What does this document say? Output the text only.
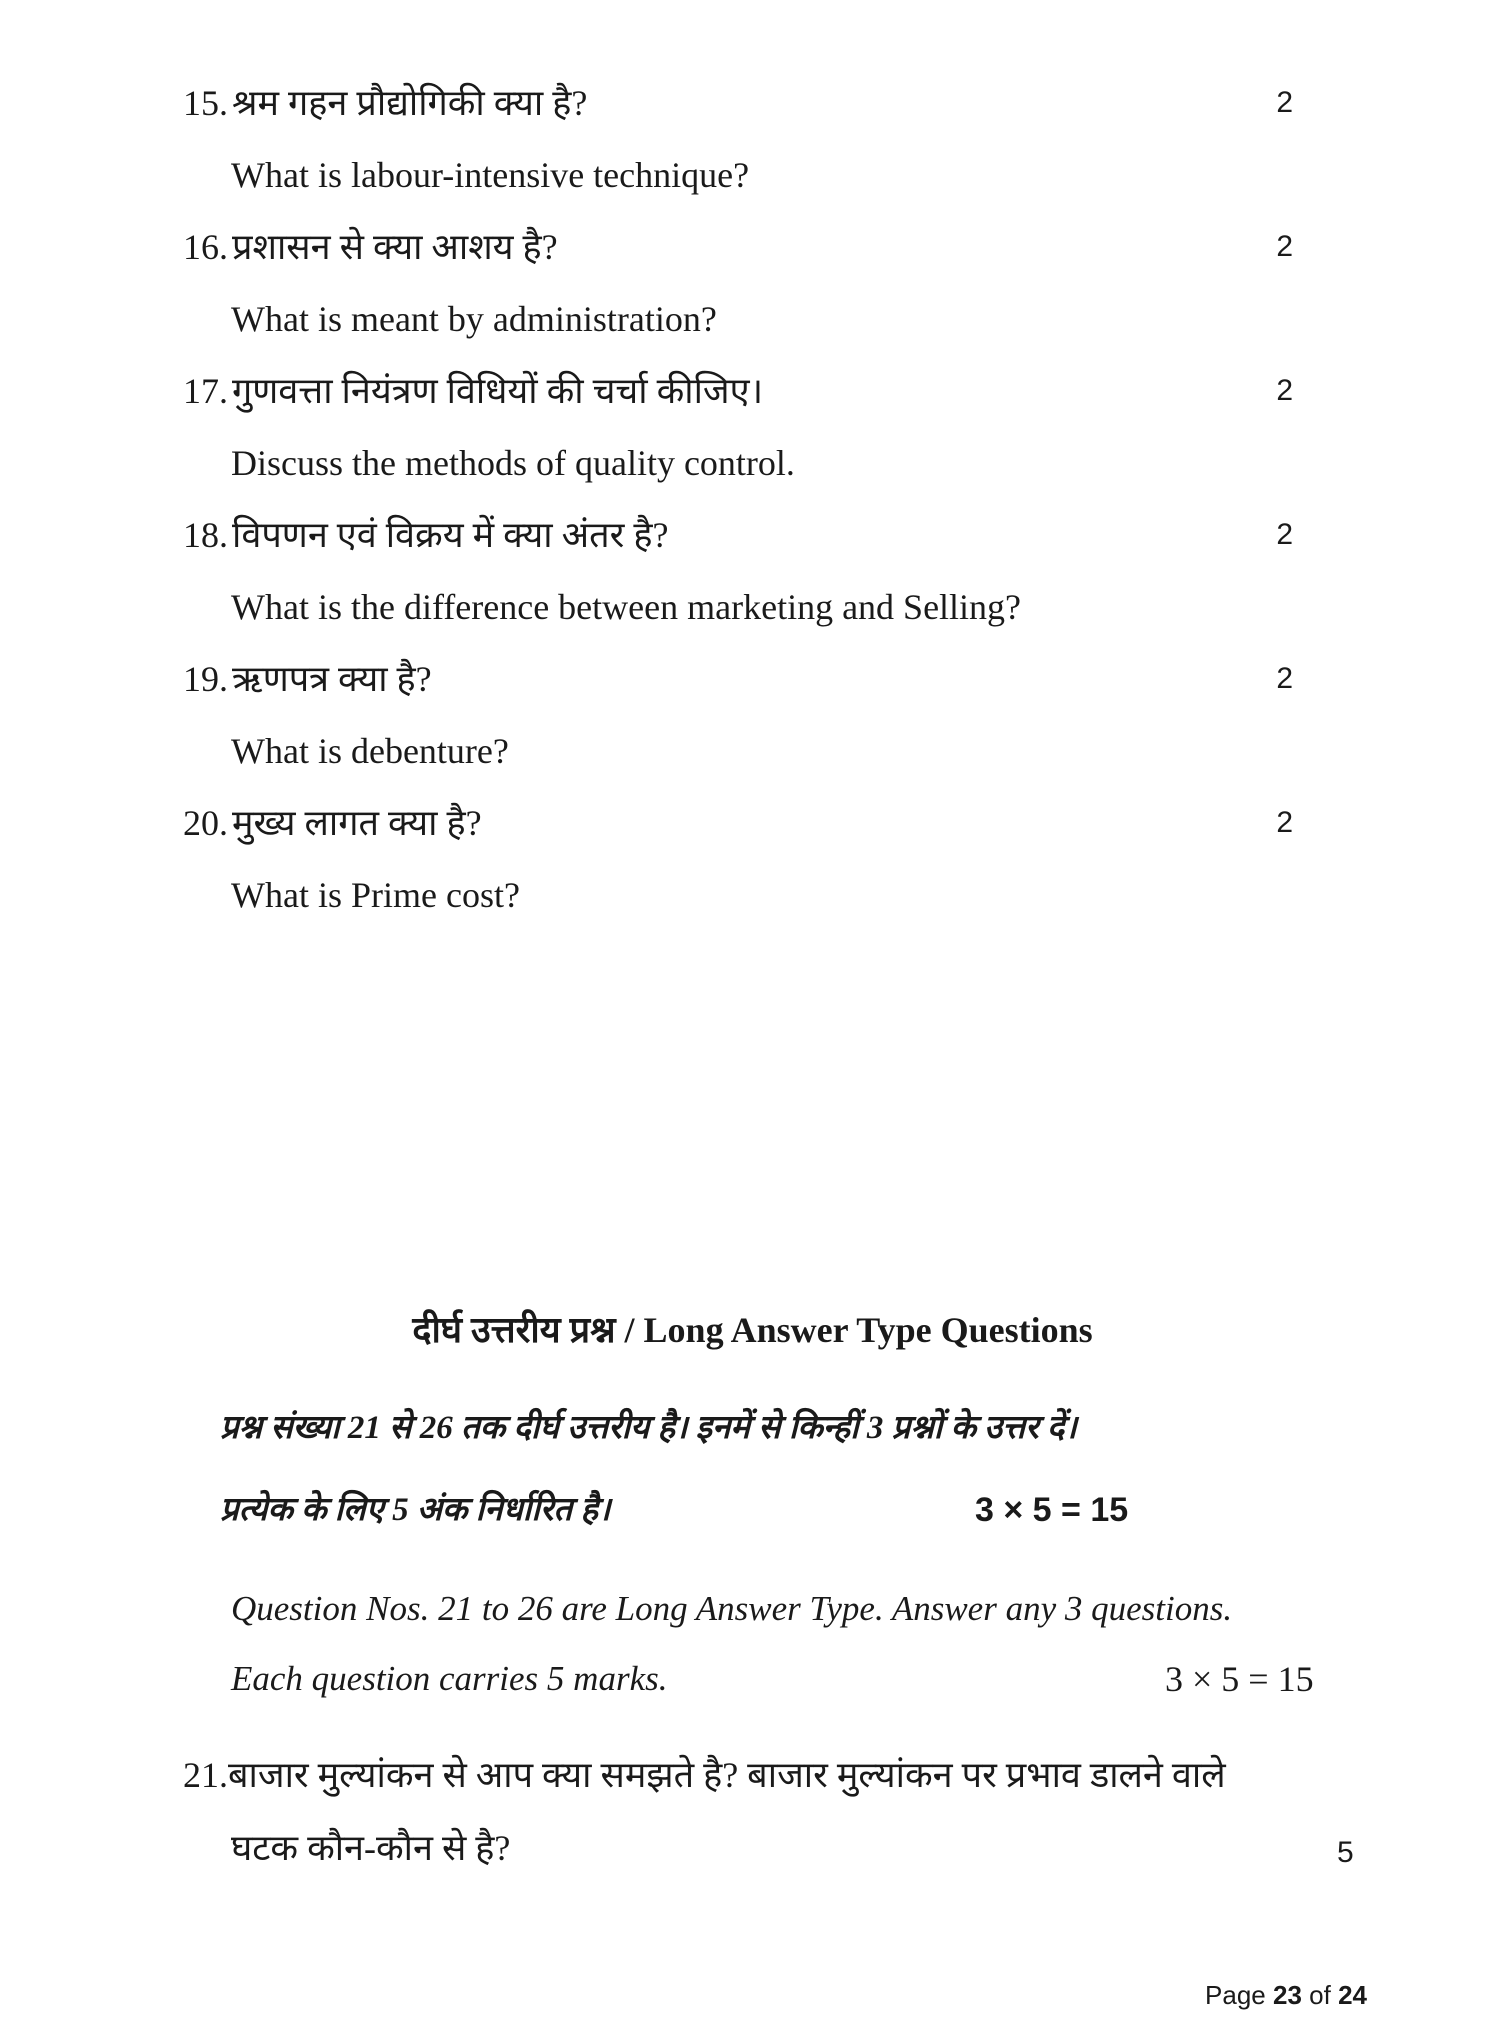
15. श्रम गहन प्रौद्योगिकी क्या है?	2
What is labour-intensive technique?
16. प्रशासन से क्या आशय है?	2
What is meant by administration?
17. गुणवत्ता नियंत्रण विधियों की चर्चा कीजिए।	2
Discuss the methods of quality control.
18. विपणन एवं विक्रय में क्या अंतर है?	2
What is the difference between marketing and Selling?
19. ऋणपत्र क्या है?	2
What is debenture?
20. मुख्य लागत क्या है?	2
What is Prime cost?
दीर्घ उत्तरीय प्रश्न / Long Answer Type Questions
प्रश्न संख्या 21 से 26 तक दीर्घ उत्तरीय है। इनमें से किन्हीं 3 प्रश्नों के उत्तर दें।
प्रत्येक के लिए 5 अंक निर्धारित है।	3 × 5 = 15
Question Nos. 21 to 26 are Long Answer Type. Answer any 3 questions.
Each question carries 5 marks.	3 × 5 = 15
21.बाजार मुल्यांकन से आप क्या समझते है? बाजार मुल्यांकन पर प्रभाव डालने वाले
घटक कौन-कौन से है?	5
Page 23 of 24
